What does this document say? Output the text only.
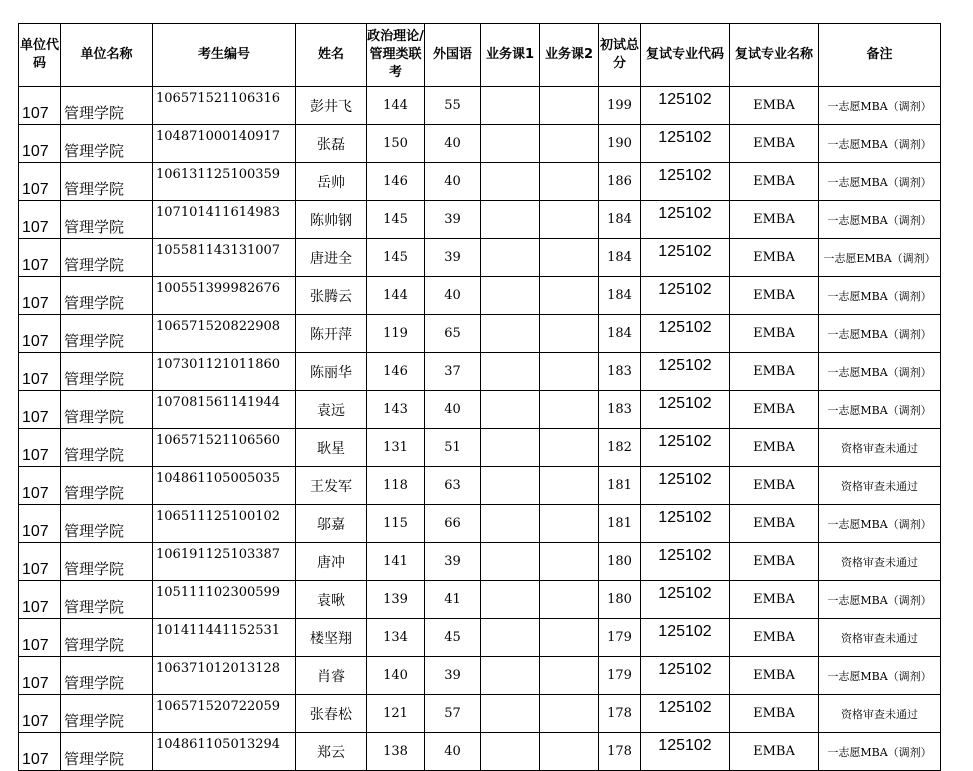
单位代码	单位名称	考生编号	姓名	政治理论/管理类联考	外国语	业务课1	业务课2	初试总分	复试专业代码	复试专业名称	备注
107	管理学院	106571521106316	彭井飞	144	55			199	125102	EMBA	一志愿MBA（调剂）
107	管理学院	104871000140917	张磊	150	40			190	125102	EMBA	一志愿MBA（调剂）
107	管理学院	106131125100359	岳帅	146	40			186	125102	EMBA	一志愿MBA（调剂）
107	管理学院	107101411614983	陈帅钢	145	39			184	125102	EMBA	一志愿MBA（调剂）
107	管理学院	105581143131007	唐进全	145	39			184	125102	EMBA	一志愿EMBA（调剂）
107	管理学院	100551399982676	张腾云	144	40			184	125102	EMBA	一志愿MBA（调剂）
107	管理学院	106571520822908	陈开萍	119	65			184	125102	EMBA	一志愿MBA（调剂）
107	管理学院	107301121011860	陈丽华	146	37			183	125102	EMBA	一志愿MBA（调剂）
107	管理学院	107081561141944	袁远	143	40			183	125102	EMBA	一志愿MBA（调剂）
107	管理学院	106571521106560	耿星	131	51			182	125102	EMBA	资格审查未通过
107	管理学院	104861105005035	王发军	118	63			181	125102	EMBA	资格审查未通过
107	管理学院	106511125100102	邬嘉	115	66			181	125102	EMBA	一志愿MBA（调剂）
107	管理学院	106191125103387	唐冲	141	39			180	125102	EMBA	资格审查未通过
107	管理学院	105111102300599	袁啾	139	41			180	125102	EMBA	一志愿MBA（调剂）
107	管理学院	101411441152531	楼坚翔	134	45			179	125102	EMBA	资格审查未通过
107	管理学院	106371012013128	肖睿	140	39			179	125102	EMBA	一志愿MBA（调剂）
107	管理学院	106571520722059	张春松	121	57			178	125102	EMBA	资格审查未通过
107	管理学院	104861105013294	郑云	138	40			178	125102	EMBA	一志愿MBA（调剂）
